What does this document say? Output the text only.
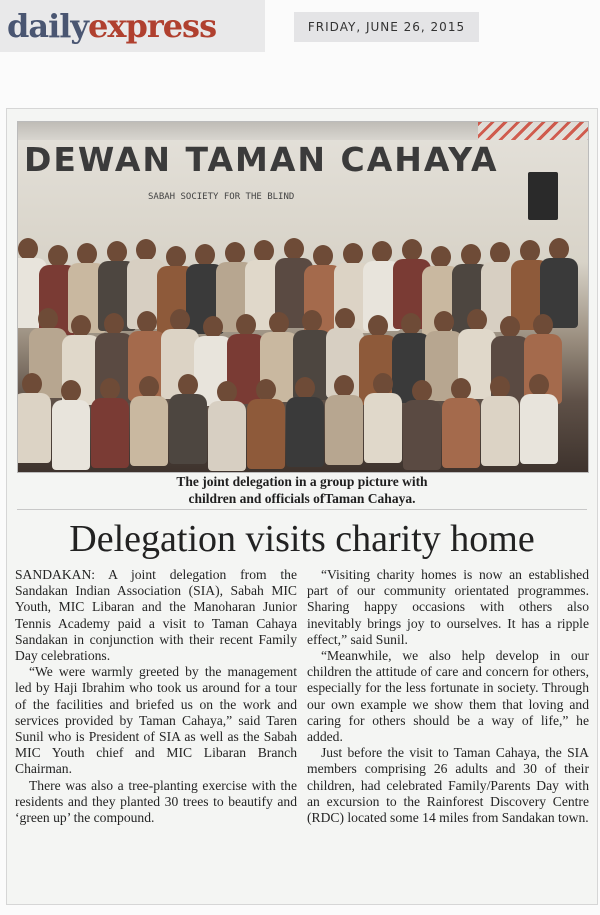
dailyexpress	FRIDAY, JUNE 26, 2015
DEWAN TAMAN CAHAYA
SABAH SOCIETY FOR THE BLIND
The joint delegation in a group picture with
children and officials ofTaman Cahaya.
Delegation visits charity home

SANDAKAN: A joint delegation from the Sandakan Indian Association (SIA), Sabah MIC Youth, MIC Libaran and the Manoharan Junior Tennis Academy paid a visit to Taman Cahaya Sandakan in conjunction with their recent Family Day celebrations.

“We were warmly greeted by the management led by Haji Ibrahim who took us around for a tour of the facilities and briefed us on the work and services provided by Taman Cahaya,” said Taren Sunil who is President of SIA as well as the Sabah MIC Youth chief and MIC Libaran Branch Chairman.

There was also a tree-planting exercise with the residents and they planted 30 trees to beautify and ‘green up’ the compound.

“Visiting charity homes is now an established part of our community orientated programmes. Sharing happy occasions with others also inevitably brings joy to ourselves. It has a ripple effect,” said Sunil.

“Meanwhile, we also help develop in our children the attitude of care and concern for others, especially for the less fortunate in society. Through our own example we show them that loving and caring for others should be a way of life,” he added.

Just before the visit to Taman Cahaya, the SIA members comprising 26 adults and 30 of their children, had celebrated Family/Parents Day with an excursion to the Rainforest Discovery Centre (RDC) located some 14 miles from Sandakan town.
